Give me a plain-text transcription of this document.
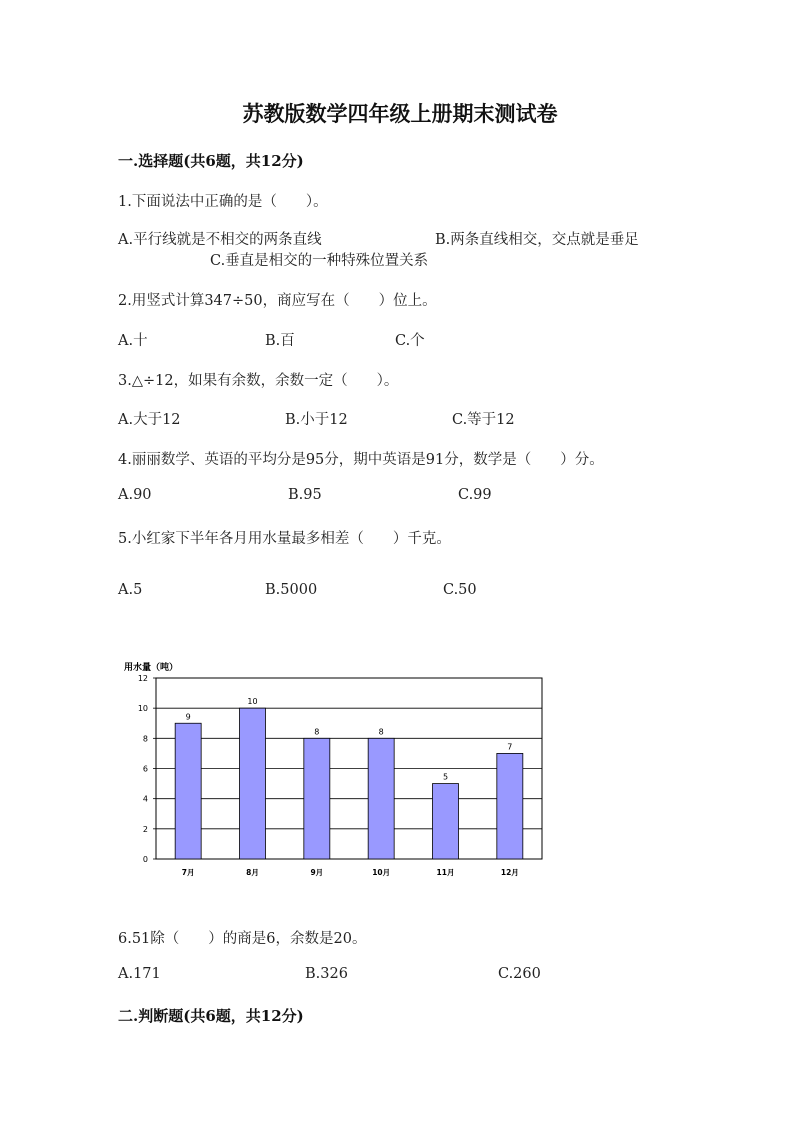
苏教版数学四年级上册期末测试卷
一.选择题(共6题，共12分)
1.下面说法中正确的是（　　）。
A.平行线就是不相交的两条直线	B.两条直线相交，交点就是垂足
C.垂直是相交的一种特殊位置关系
2.用竖式计算347÷50，商应写在（　　）位上。
A.十	B.百	C.个
3.△÷12，如果有余数，余数一定（　　）。
A.大于12	B.小于12	C.等于12
4.丽丽数学、英语的平均分是95分，期中英语是91分，数学是（　　）分。
A.90	B.95	C.99
5.小红家下半年各月用水量最多相差（　　）千克。
A.5	B.5000	C.50
用水量（吨）
9
10
8	8
5
7
0
2
4
6
8
10
12
7月	8月	9月	10月	11月	12月
6.51除（　　）的商是6，余数是20。
A.171	B.326	C.260
二.判断题(共6题，共12分)
